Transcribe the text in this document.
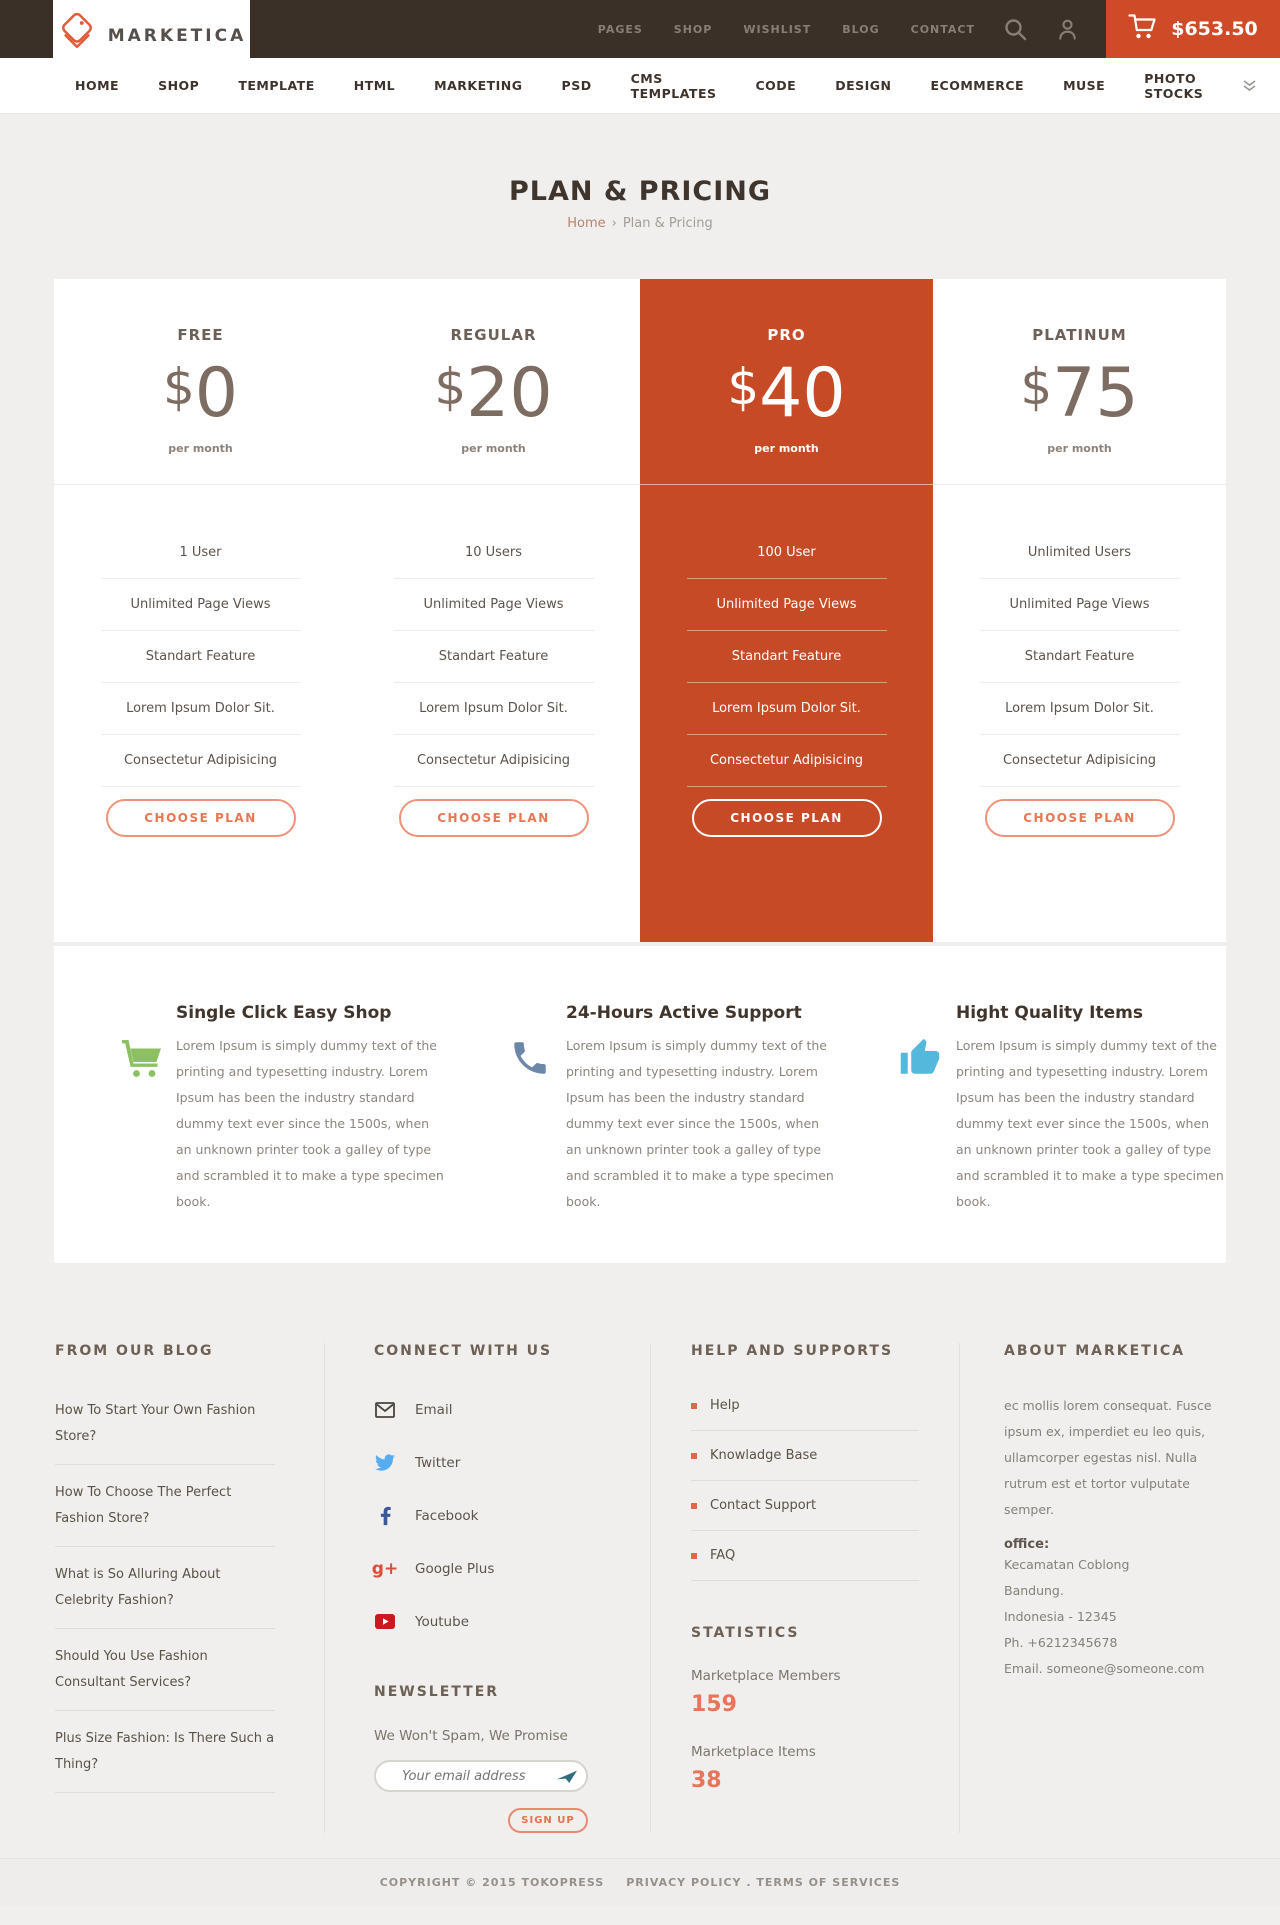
MARKETICA	PAGES	SHOP	WISHLIST	BLOG	CONTACT	$653.50
HOME	SHOP	TEMPLATE	HTML	MARKETING	PSD	CMS TEMPLATES	CODE	DESIGN	ECOMMERCE	MUSE	PHOTO STOCKS
PLAN & PRICING
Home › Plan & Pricing
FREE
$0
per month
1 User
Unlimited Page Views
Standart Feature
Lorem Ipsum Dolor Sit.
Consectetur Adipisicing
CHOOSE PLAN
REGULAR
$20
per month
10 Users
Unlimited Page Views
Standart Feature
Lorem Ipsum Dolor Sit.
Consectetur Adipisicing
CHOOSE PLAN
PRO
$40
per month
100 User
Unlimited Page Views
Standart Feature
Lorem Ipsum Dolor Sit.
Consectetur Adipisicing
CHOOSE PLAN
PLATINUM
$75
per month
Unlimited Users
Unlimited Page Views
Standart Feature
Lorem Ipsum Dolor Sit.
Consectetur Adipisicing
CHOOSE PLAN
Single Click Easy Shop

Lorem Ipsum is simply dummy text of the printing and typesetting industry. Lorem Ipsum has been the industry standard dummy text ever since the 1500s, when an unknown printer took a galley of type and scrambled it to make a type specimen book.

24-Hours Active Support

Lorem Ipsum is simply dummy text of the printing and typesetting industry. Lorem Ipsum has been the industry standard dummy text ever since the 1500s, when an unknown printer took a galley of type and scrambled it to make a type specimen book.

Hight Quality Items

Lorem Ipsum is simply dummy text of the printing and typesetting industry. Lorem Ipsum has been the industry standard dummy text ever since the 1500s, when an unknown printer took a galley of type and scrambled it to make a type specimen book.

FROM OUR BLOG
How To Start Your Own Fashion Store?
How To Choose The Perfect Fashion Store?
What is So Alluring About Celebrity Fashion?
Should You Use Fashion Consultant Services?
Plus Size Fashion: Is There Such a Thing?
CONNECT WITH US
Email
Twitter
Facebook
g+ Google Plus
Youtube
NEWSLETTER
We Won't Spam, We Promise
Your email address
SIGN UP
HELP AND SUPPORTS
Help
Knowladge Base
Contact Support
FAQ
STATISTICS
Marketplace Members
159
Marketplace Items
38
ABOUT MARKETICA

ec mollis lorem consequat. Fusce ipsum ex, imperdiet eu leo quis, ullamcorper egestas nisl. Nulla rutrum est et tortor vulputate semper.

office:
Kecamatan Coblong
Bandung.
Indonesia - 12345
Ph. +6212345678
Email. someone@someone.com
COPYRIGHT © 2015 TOKOPRESS PRIVACY POLICY . TERMS OF SERVICES
